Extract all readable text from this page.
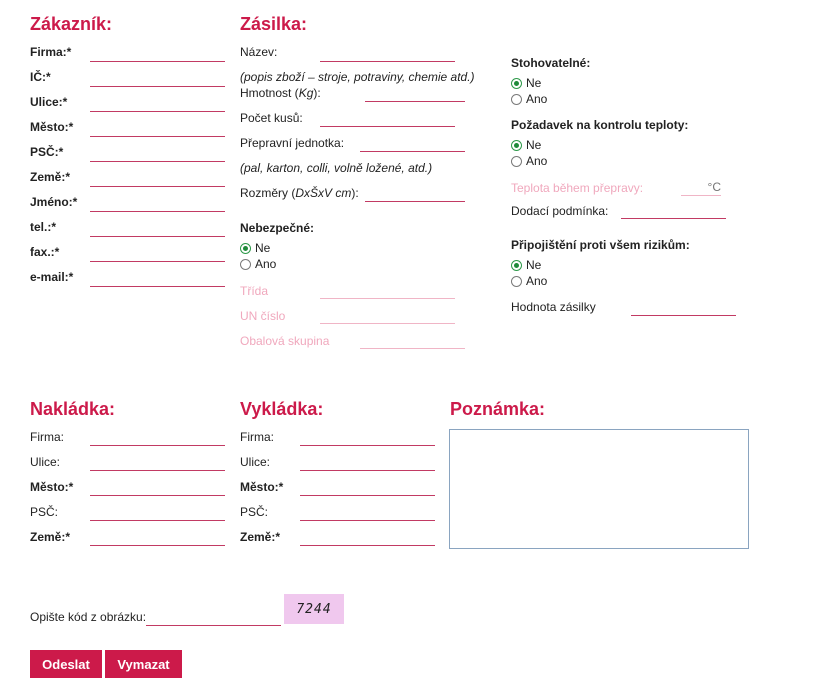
Zákazník:
Firma:*
IČ:*
Ulice:*
Město:*
PSČ:*
Země:*
Jméno:*
tel.:*
fax.:*
e-mail:*
Zásilka:
Název:
(popis zboží – stroje, potraviny, chemie atd.)
Hmotnost (Kg):
Počet kusů:
Přepravní jednotka:
(pal, karton, colli, volně ložené, atd.)
Rozměry (DxŠxV cm):
Nebezpečné:
Ne
Ano
Třída
UN číslo
Obalová skupina
Stohovatelné:
Ne
Ano
Požadavek na kontrolu teploty:
Ne
Ano
Teplota během přepravy:
°C
Dodací podmínka:
Připojištění proti všem rizikům:
Ne
Ano
Hodnota zásilky
Nakládka:
Firma:
Ulice:
Město:*
PSČ:
Země:*
Vykládka:
Firma:
Ulice:
Město:*
PSČ:
Země:*
Poznámka:
Opište kód z obrázku:
7244
Odeslat	Vymazat
